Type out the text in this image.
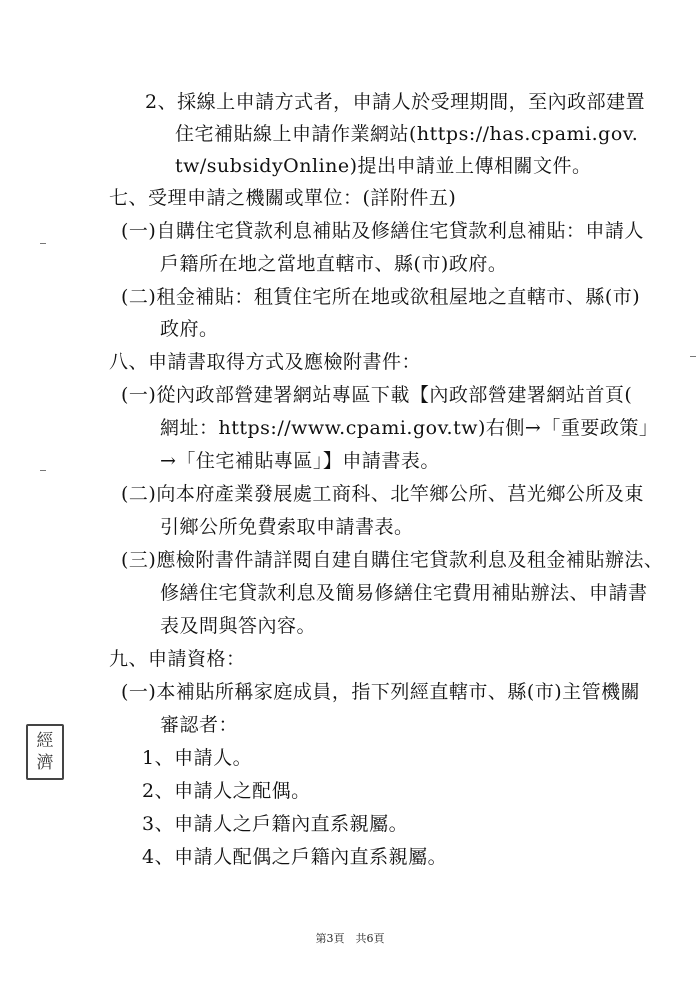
2、採線上申請方式者，申請人於受理期間，至內政部建置
住宅補貼線上申請作業網站(https://has.cpami.gov.
tw/subsidyOnline)提出申請並上傳相關文件。
七、受理申請之機關或單位：(詳附件五)
(一)自購住宅貸款利息補貼及修繕住宅貸款利息補貼：申請人
戶籍所在地之當地直轄市、縣(市)政府。
(二)租金補貼：租賃住宅所在地或欲租屋地之直轄市、縣(市)
政府。
八、申請書取得方式及應檢附書件：
(一)從內政部營建署網站專區下載【內政部營建署網站首頁(
網址：https://www.cpami.gov.tw)右側→「重要政策」
→「住宅補貼專區」】申請書表。
(二)向本府產業發展處工商科、北竿鄉公所、莒光鄉公所及東
引鄉公所免費索取申請書表。
(三)應檢附書件請詳閱自建自購住宅貸款利息及租金補貼辦法、
修繕住宅貸款利息及簡易修繕住宅費用補貼辦法、申請書
表及問與答內容。
九、申請資格：
(一)本補貼所稱家庭成員，指下列經直轄市、縣(市)主管機關
審認者：
1、申請人。
2、申請人之配偶。
3、申請人之戶籍內直系親屬。
4、申請人配偶之戶籍內直系親屬。
經
濟
第3頁　共6頁
